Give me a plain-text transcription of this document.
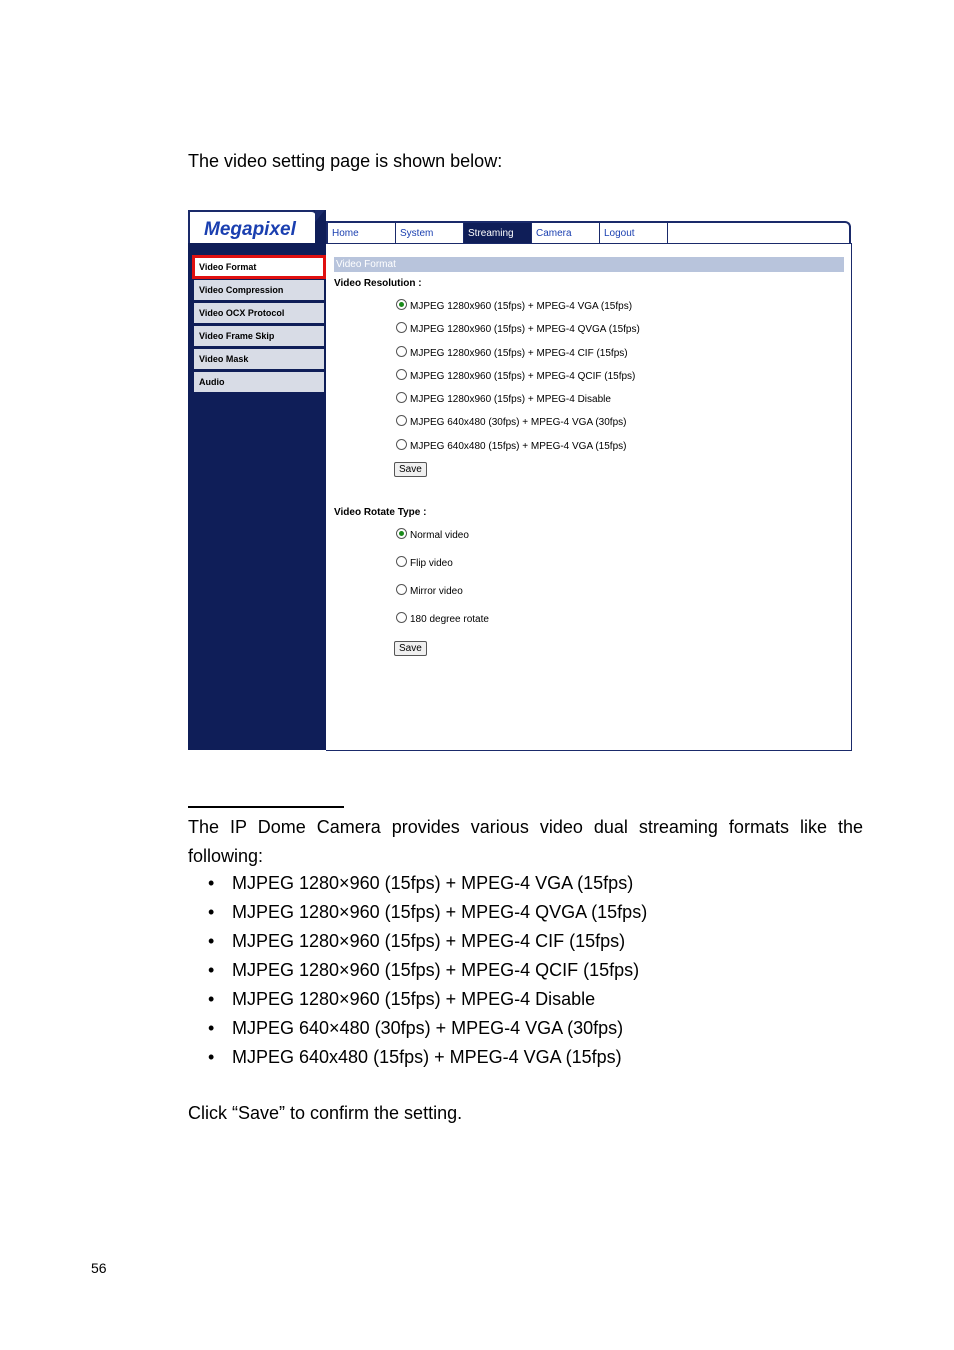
The video setting page is shown below:
Megapixel	Home	System	Streaming	Camera	Logout
Video Format
Video Compression
Video OCX Protocol
Video Frame Skip
Video Mask
Audio
Video Format
Video Resolution :
MJPEG 1280x960 (15fps) + MPEG-4 VGA (15fps)
MJPEG 1280x960 (15fps) + MPEG-4 QVGA (15fps)
MJPEG 1280x960 (15fps) + MPEG-4 CIF (15fps)
MJPEG 1280x960 (15fps) + MPEG-4 QCIF (15fps)
MJPEG 1280x960 (15fps) + MPEG-4 Disable
MJPEG 640x480 (30fps) + MPEG-4 VGA (30fps)
MJPEG 640x480 (15fps) + MPEG-4 VGA (15fps)
Save
Video Rotate Type :
Normal video
Flip video
Mirror video
180 degree rotate
Save
The IP Dome Camera provides various video dual streaming formats like the following:
• MJPEG 1280×960 (15fps) + MPEG-4 VGA (15fps)
• MJPEG 1280×960 (15fps) + MPEG-4 QVGA (15fps)
• MJPEG 1280×960 (15fps) + MPEG-4 CIF (15fps)
• MJPEG 1280×960 (15fps) + MPEG-4 QCIF (15fps)
• MJPEG 1280×960 (15fps) + MPEG-4 Disable
• MJPEG 640×480 (30fps) + MPEG-4 VGA (30fps)
• MJPEG 640x480 (15fps) + MPEG-4 VGA (15fps)
Click “Save” to confirm the setting.
56
